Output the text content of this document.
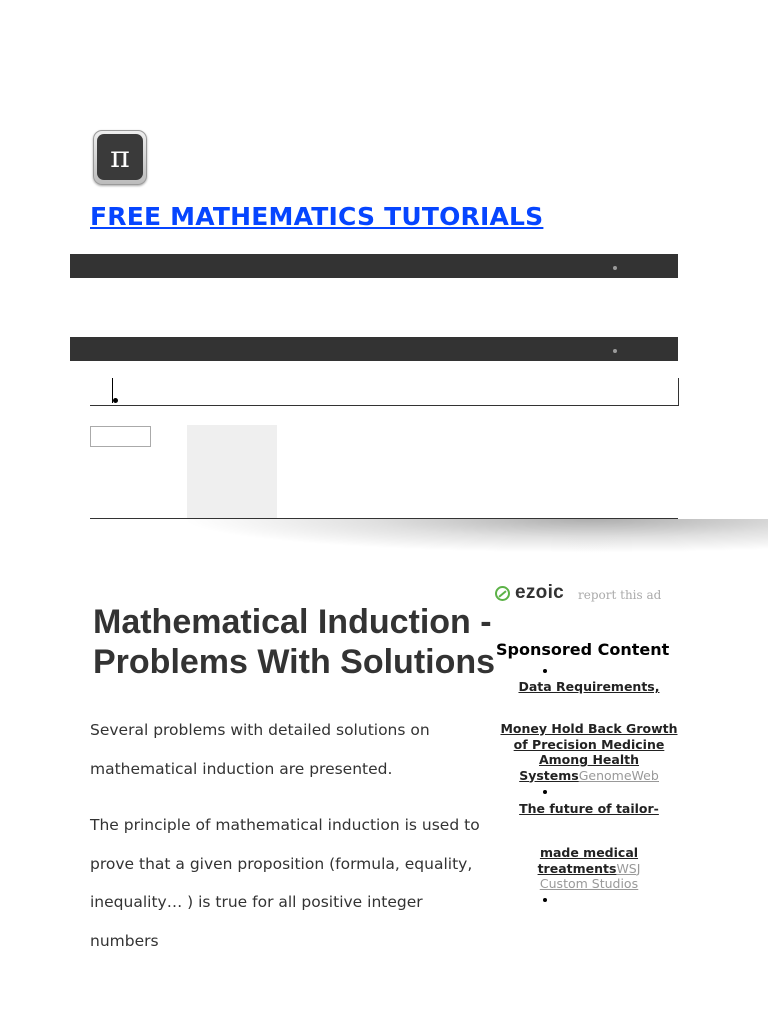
π
FREE MATHEMATICS TUTORIALS
ezoic report this ad
Mathematical Induction - Problems With Solutions

Several problems with detailed solutions on mathematical induction are presented.

The principle of mathematical induction is used to prove that a given proposition (formula, equality, inequality… ) is true for all positive integer numbers

Sponsored Content
Data Requirements,
Money Hold Back Growth of Precision Medicine Among Health SystemsGenomeWeb
The future of tailor-
made medical treatmentsWSJ Custom Studios
